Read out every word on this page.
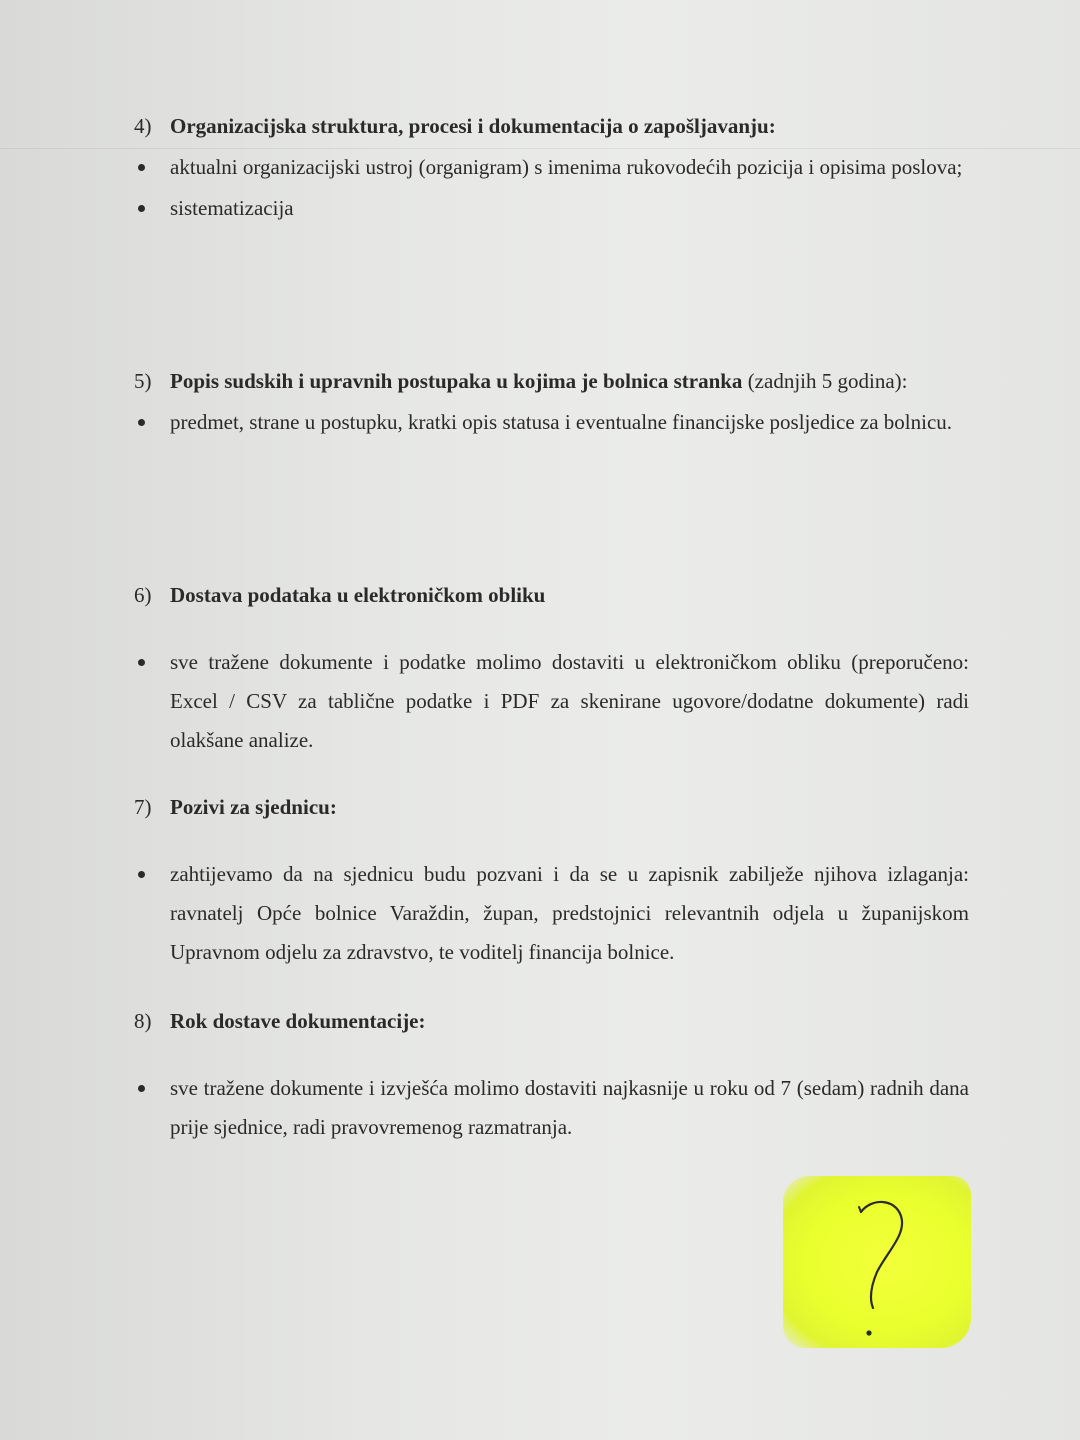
4) Organizacijska struktura, procesi i dokumentacija o zapošljavanju:
aktualni organizacijski ustroj (organigram) s imenima rukovodećih pozicija i opisima poslova;
sistematizacija
5) Popis sudskih i upravnih postupaka u kojima je bolnica stranka (zadnjih 5 godina):
predmet, strane u postupku, kratki opis statusa i eventualne financijske posljedice za bolnicu.
6) Dostava podataka u elektroničkom obliku
sve tražene dokumente i podatke molimo dostaviti u elektroničkom obliku (preporučeno: Excel / CSV za tablične podatke i PDF za skenirane ugovore/dodatne dokumente) radi olakšane analize.
7) Pozivi za sjednicu:
zahtijevamo da na sjednicu budu pozvani i da se u zapisnik zabilježe njihova izlaganja: ravnatelj Opće bolnice Varaždin, župan, predstojnici relevantnih odjela u županijskom Upravnom odjelu za zdravstvo, te voditelj financija bolnice.
8) Rok dostave dokumentacije:
sve tražene dokumente i izvješća molimo dostaviti najkasnije u roku od 7 (sedam) radnih dana prije sjednice, radi pravovremenog razmatranja.
